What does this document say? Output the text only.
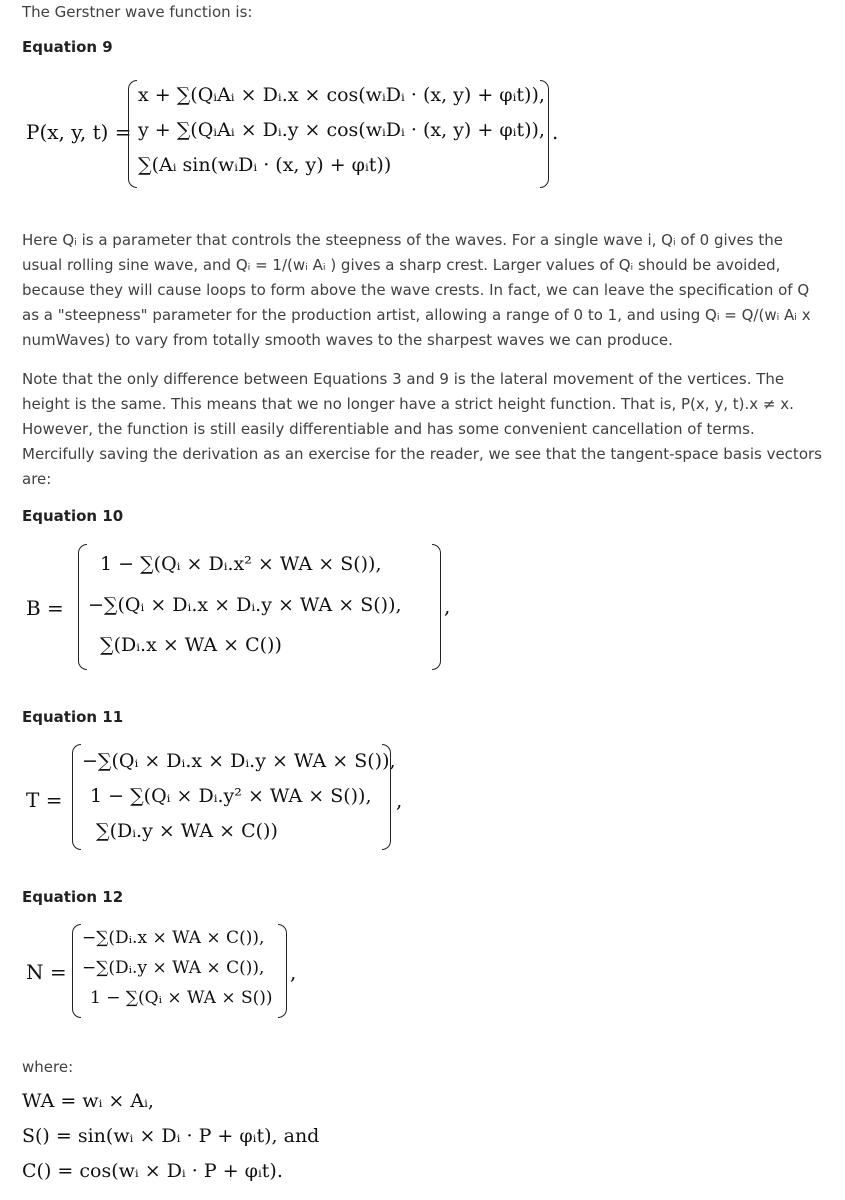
The Gerstner wave function is:
Equation 9
P(x, y, t) =
x + ∑(QᵢAᵢ × Dᵢ.x × cos(wᵢDᵢ · (x, y) + φᵢt)),
y + ∑(QᵢAᵢ × Dᵢ.y × cos(wᵢDᵢ · (x, y) + φᵢt)),
∑(Aᵢ sin(wᵢDᵢ · (x, y) + φᵢt))
.
Here Qᵢ is a parameter that controls the steepness of the waves. For a single wave i, Qᵢ of 0 gives the usual rolling sine wave, and Qᵢ = 1/(wᵢ Aᵢ ) gives a sharp crest. Larger values of Qᵢ should be avoided, because they will cause loops to form above the wave crests. In fact, we can leave the specification of Q as a "steepness" parameter for the production artist, allowing a range of 0 to 1, and using Qᵢ = Q/(wᵢ Aᵢ x numWaves) to vary from totally smooth waves to the sharpest waves we can produce.
Note that the only difference between Equations 3 and 9 is the lateral movement of the vertices. The height is the same. This means that we no longer have a strict height function. That is, P(x, y, t).x ≠ x. However, the function is still easily differentiable and has some convenient cancellation of terms. Mercifully saving the derivation as an exercise for the reader, we see that the tangent-space basis vectors are:
Equation 10
B =
1 − ∑(Qᵢ × Dᵢ.x² × WA × S()),
−∑(Qᵢ × Dᵢ.x × Dᵢ.y × WA × S()),
∑(Dᵢ.x × WA × C())
,
Equation 11
T =
−∑(Qᵢ × Dᵢ.x × Dᵢ.y × WA × S()),
1 − ∑(Qᵢ × Dᵢ.y² × WA × S()),
∑(Dᵢ.y × WA × C())
,
Equation 12
N =
−∑(Dᵢ.x × WA × C()),
−∑(Dᵢ.y × WA × C()),
1 − ∑(Qᵢ × WA × S())
,
where:
WA = wᵢ × Aᵢ,
S() = sin(wᵢ × Dᵢ · P + φᵢt), and
C() = cos(wᵢ × Dᵢ · P + φᵢt).
